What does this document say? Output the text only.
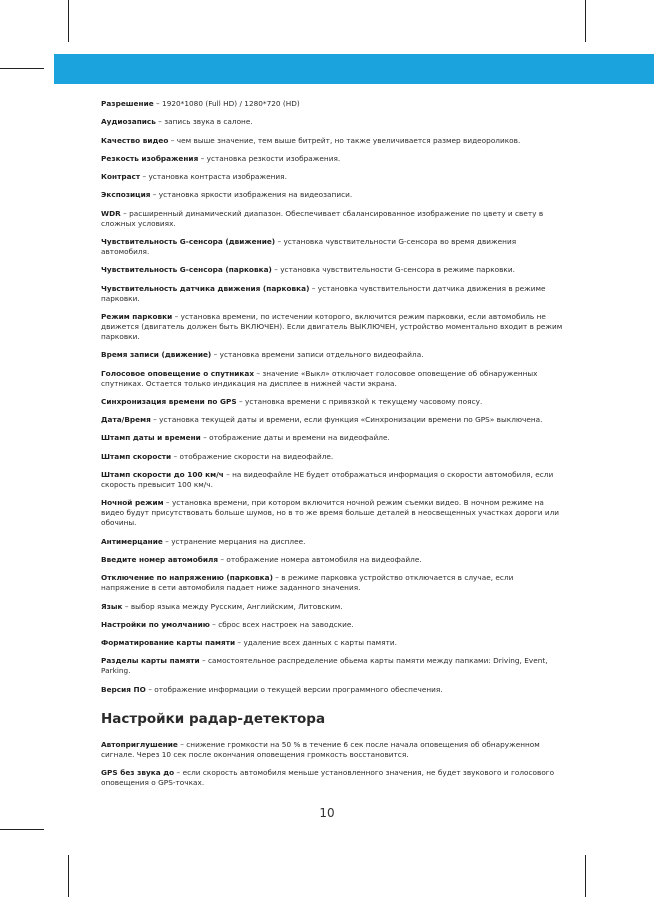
Разрешение – 1920*1080 (Full HD) / 1280*720 (HD)

Аудиозапись – запись звука в салоне.

Качество видео – чем выше значение, тем выше битрейт, но также увеличивается размер видеороликов.

Резкость изображения – установка резкости изображения.

Контраст – установка контраста изображения.

Экспозиция – установка яркости изображения на видеозаписи.

WDR – расширенный динамический диапазон. Обеспечивает сбалансированное изображение по цвету и свету в сложных условиях.

Чувствительность G-сенсора (движение) – установка чувствительности G-сенсора во время движения автомобиля.

Чувствительность G-сенсора (парковка) – установка чувствительности G-сенсора в режиме парковки.

Чувствительность датчика движения (парковка) – установка чувствительности датчика движения в режиме парковки.

Режим парковки – установка времени, по истечении которого, включится режим парковки, если автомобиль не движется (двигатель должен быть ВКЛЮЧЕН). Если двигатель ВЫКЛЮЧЕН, устройство моментально входит в режим парковки.

Время записи (движение) – установка времени записи отдельного видеофайла.

Голосовое оповещение о спутниках – значение «Выкл» отключает голосовое оповещение об обнаруженных спутниках. Остается только индикация на дисплее в нижней части экрана.

Синхронизация времени по GPS – установка времени с привязкой к текущему часовому поясу.

Дата/Время – установка текущей даты и времени, если функция «Синхронизации времени по GPS» выключена.

Штамп даты и времени – отображение даты и времени на видеофайле.

Штамп скорости – отображение скорости на видеофайле.

Штамп скорости до 100 км/ч – на видеофайле НЕ будет отображаться информация о скорости автомобиля, если скорость превысит 100 км/ч.

Ночной режим – установка времени, при котором включится ночной режим съемки видео. В ночном режиме на видео будут присутствовать больше шумов, но в то же время больше деталей в неосвещенных участках дороги или обочины.

Антимерцание – устранение мерцания на дисплее.

Введите номер автомобиля – отображение номера автомобиля на видеофайле.

Отключение по напряжению (парковка) – в режиме парковка устройство отключается в случае, если напряжение в сети автомобиля падает ниже заданного значения.

Язык – выбор языка между Русским, Английским, Литовским.

Настройки по умолчанию – сброс всех настроек на заводские.

Форматирование карты памяти – удаление всех данных с карты памяти.

Разделы карты памяти – самостоятельное распределение обьема карты памяти между папками: Driving, Event, Parking.

Версия ПО – отображение информации о текущей версии программного обеспечения.

Настройки радар-детектора

Автоприглушение – снижение громкости на 50 % в течение 6 сек после начала оповещения об обнаруженном сигнале. Через 10 сек после окончания оповещения громкость восстановится.

GPS без звука до – если скорость автомобиля меньше установленного значения, не будет звукового и голосового оповещения о GPS-точках.

10
